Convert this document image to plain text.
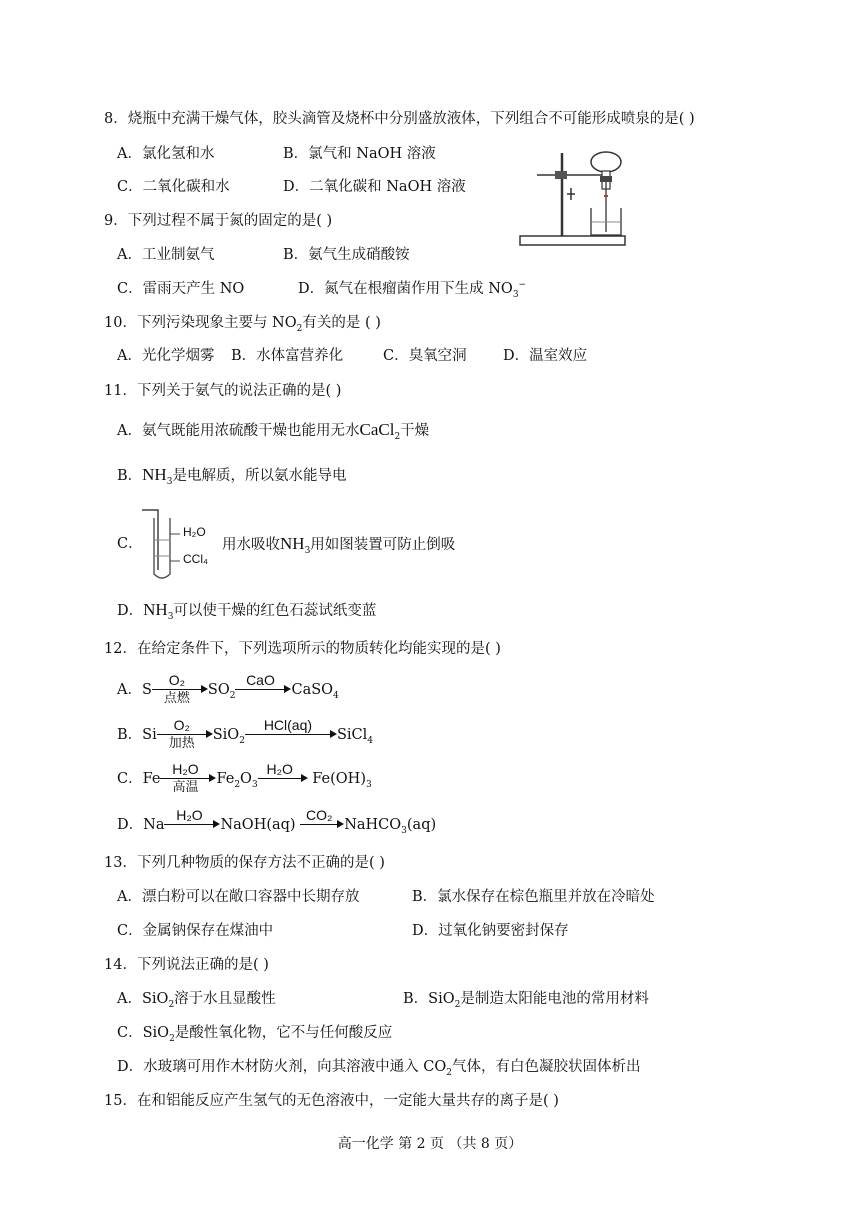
8．烧瓶中充满干燥气体，胶头滴管及烧杯中分别盛放液体，下列组合不可能形成喷泉的是( )
A．氯化氢和水	B．氯气和 NaOH 溶液
C．二氧化碳和水	D．二氧化碳和 NaOH 溶液
9．下列过程不属于氮的固定的是( )
A．工业制氨气	B．氨气生成硝酸铵
C．雷雨天产生 NO	D．氮气在根瘤菌作用下生成 $NO_3^-$
10．下列污染现象主要与 $NO_2$有关的是 ( )
A．光化学烟雾 B．水体富营养化	C．臭氧空洞	D．温室效应
11．下列关于氨气的说法正确的是( )
A．氨气既能用浓硫酸干燥也能用无水CaCl$_2$干燥
B．$NH_3$是电解质，所以氨水能导电
C．
H₂O
CCl₄
用水吸收$NH_3$用如图装置可防止倒吸
D．$NH_3$可以使干燥的红色石蕊试纸变蓝
12．在给定条件下，下列选项所示的物质转化均能实现的是( )
A．S
O₂
点燃
$SO_2$
CaO
CaSO$_4$
B．Si
O₂
加热
SiO$_2$
HCl(aq)
SiCl$_4$
C．Fe
H₂O
高温
$Fe_2O_3$
H₂O
$Fe(OH)_3$
D．Na
H₂O
NaOH(aq)
CO₂
NaHCO$_3$(aq)
13．下列几种物质的保存方法不正确的是( )
A．漂白粉可以在敞口容器中长期存放	B．氯水保存在棕色瓶里并放在冷暗处
C．金属钠保存在煤油中	D．过氧化钠要密封保存
14．下列说法正确的是( )
A．SiO$_2$溶于水且显酸性	B．SiO$_2$是制造太阳能电池的常用材料
C．SiO$_2$是酸性氧化物，它不与任何酸反应
D．水玻璃可用作木材防火剂，向其溶液中通入 $CO_2$气体，有白色凝胶状固体析出
15．在和铝能反应产生氢气的无色溶液中，一定能大量共存的离子是( )
高一化学 第 2 页 （共 8 页）
